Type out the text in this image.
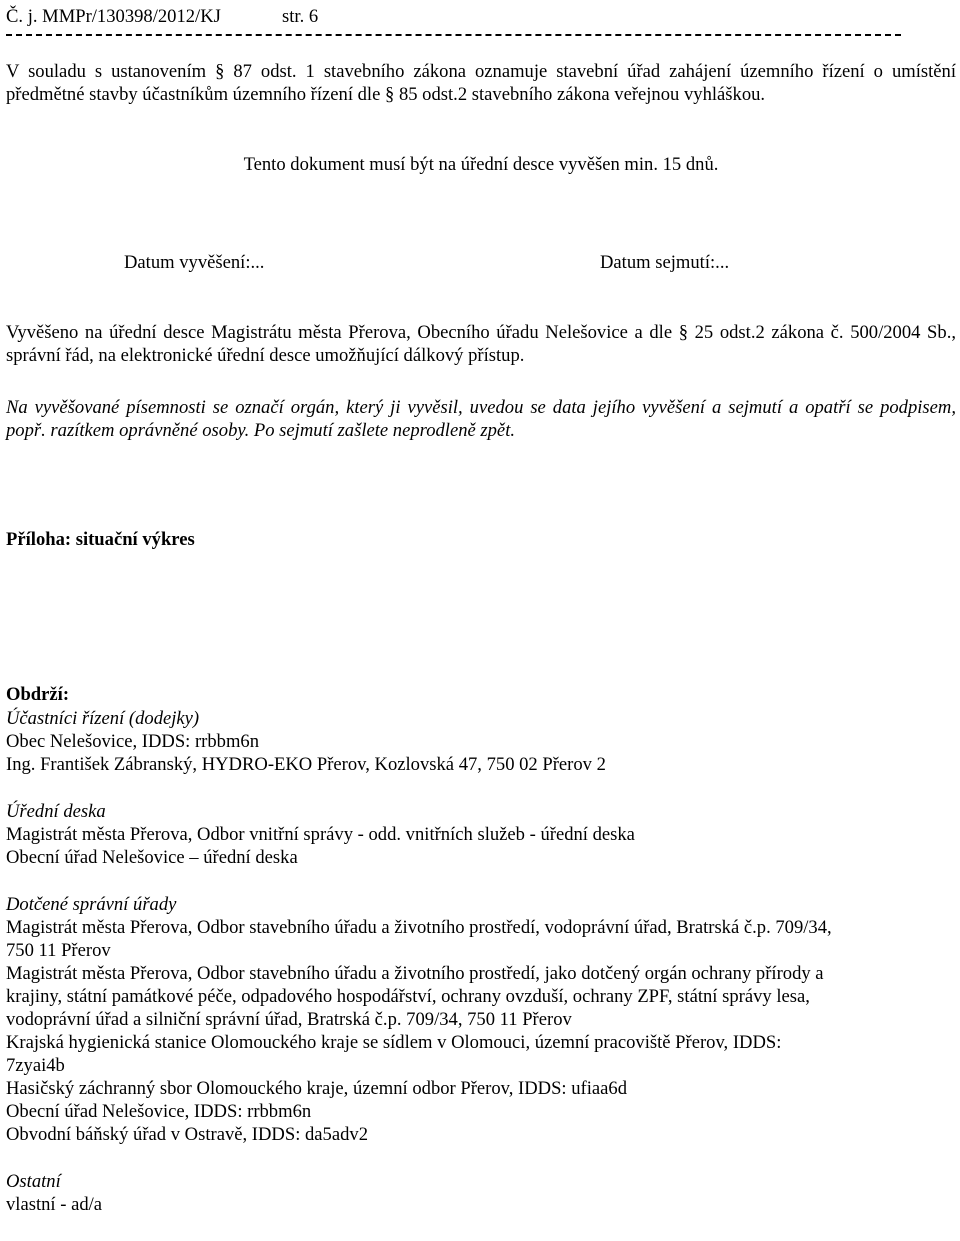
Č. j. MMPr/130398/2012/KJ	str. 6
V souladu s ustanovením § 87 odst. 1 stavebního zákona oznamuje stavební úřad zahájení územního řízení o umístění předmětné stavby účastníkům územního řízení dle § 85 odst.2 stavebního zákona veřejnou vyhláškou.
Tento dokument musí být na úřední desce vyvěšen min. 15 dnů.
Datum vyvěšení:...	Datum sejmutí:...
Vyvěšeno na úřední desce Magistrátu města Přerova, Obecního úřadu Nelešovice a dle § 25 odst.2 zákona č. 500/2004 Sb., správní řád, na elektronické úřední desce umožňující dálkový přístup.
Na vyvěšované písemnosti se označí orgán, který ji vyvěsil, uvedou se data jejího vyvěšení a sejmutí a opatří se podpisem, popř. razítkem oprávněné osoby. Po sejmutí zašlete neprodleně zpět.
Příloha: situační výkres
Obdrží:
Účastníci řízení (dodejky)
Obec Nelešovice, IDDS: rrbbm6n
Ing. František Zábranský, HYDRO-EKO Přerov, Kozlovská 47, 750 02 Přerov 2
Úřední deska
Magistrát města Přerova, Odbor vnitřní správy - odd. vnitřních služeb - úřední deska
Obecní úřad Nelešovice – úřední deska
Dotčené správní úřady
Magistrát města Přerova, Odbor stavebního úřadu a životního prostředí, vodoprávní úřad, Bratrská č.p. 709/34,
750 11 Přerov
Magistrát města Přerova, Odbor stavebního úřadu a životního prostředí, jako dotčený orgán ochrany přírody a
krajiny, státní památkové péče, odpadového hospodářství, ochrany ovzduší, ochrany ZPF, státní správy lesa,
vodoprávní úřad a silniční správní úřad, Bratrská č.p. 709/34, 750 11 Přerov
Krajská hygienická stanice Olomouckého kraje se sídlem v Olomouci, územní pracoviště Přerov, IDDS:
7zyai4b
Hasičský záchranný sbor Olomouckého kraje, územní odbor Přerov, IDDS: ufiaa6d
Obecní úřad Nelešovice, IDDS: rrbbm6n
Obvodní báňský úřad v Ostravě, IDDS: da5adv2
Ostatní
vlastní - ad/a
